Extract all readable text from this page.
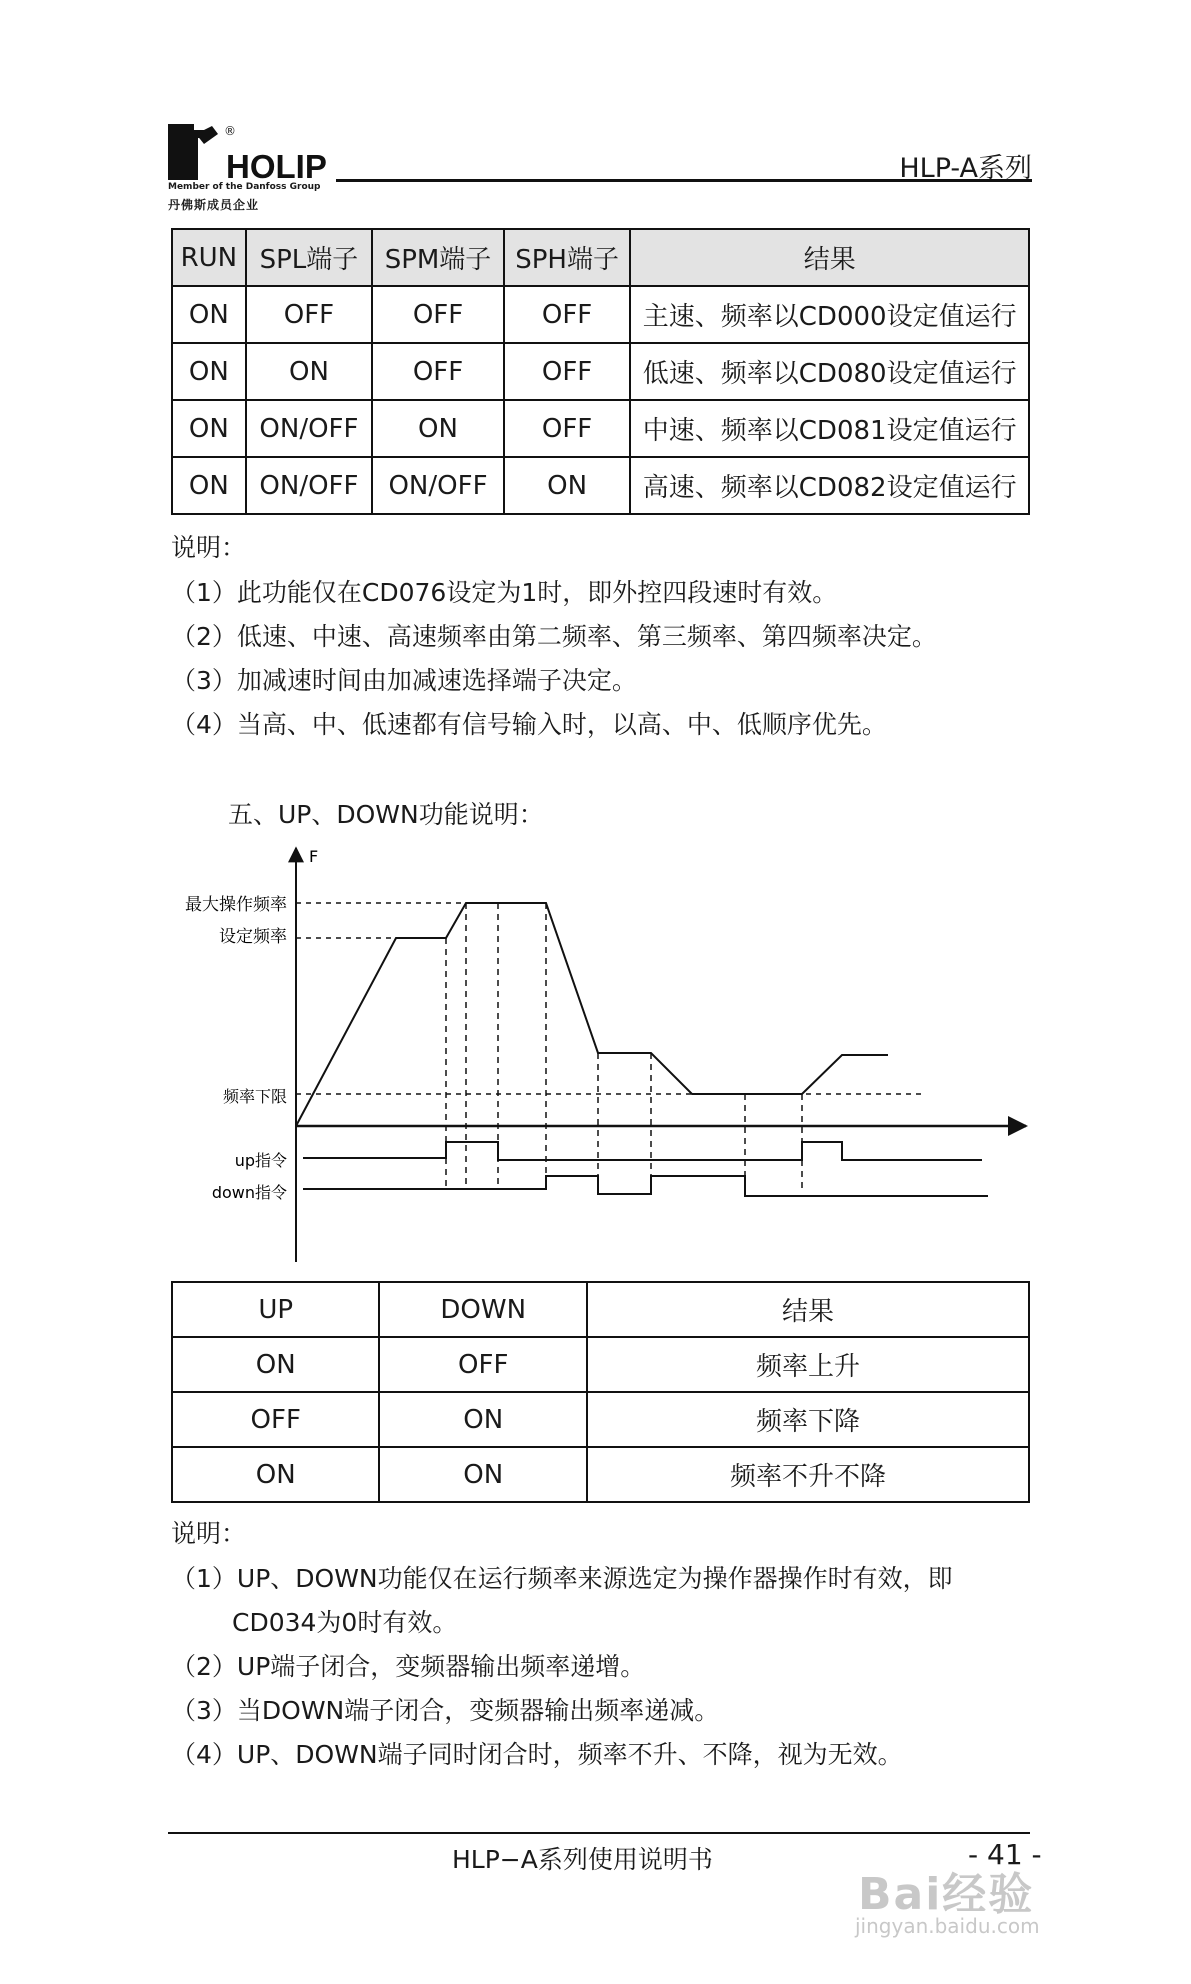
®
HOLIP
Member of the Danfoss Group
丹佛斯成员企业
HLP-A系列
RUN	SPL端子	SPM端子	SPH端子	结果
ON	OFF	OFF	OFF	主速、频率以CD000设定值运行
ON	ON	OFF	OFF	低速、频率以CD080设定值运行
ON	ON/OFF	ON	OFF	中速、频率以CD081设定值运行
ON	ON/OFF	ON/OFF	ON	高速、频率以CD082设定值运行
说明：
（1）此功能仅在CD076设定为1时，即外控四段速时有效。
（2）低速、中速、高速频率由第二频率、第三频率、第四频率决定。
（3）加减速时间由加减速选择端子决定。
（4）当高、中、低速都有信号输入时，以高、中、低顺序优先。
五、UP、DOWN功能说明：
F
最大操作频率
设定频率
频率下限
up指令
down指令
UP	DOWN	结果
ON	OFF	频率上升
OFF	ON	频率下降
ON	ON	频率不升不降
说明：
（1）UP、DOWN功能仅在运行频率来源选定为操作器操作时有效，即
CD034为0时有效。
（2）UP端子闭合，变频器输出频率递增。
（3）当DOWN端子闭合，变频器输出频率递减。
（4）UP、DOWN端子同时闭合时，频率不升、不降，视为无效。
HLP−A系列使用说明书	- 41 -
Bai经验
jingyan.baidu.com
